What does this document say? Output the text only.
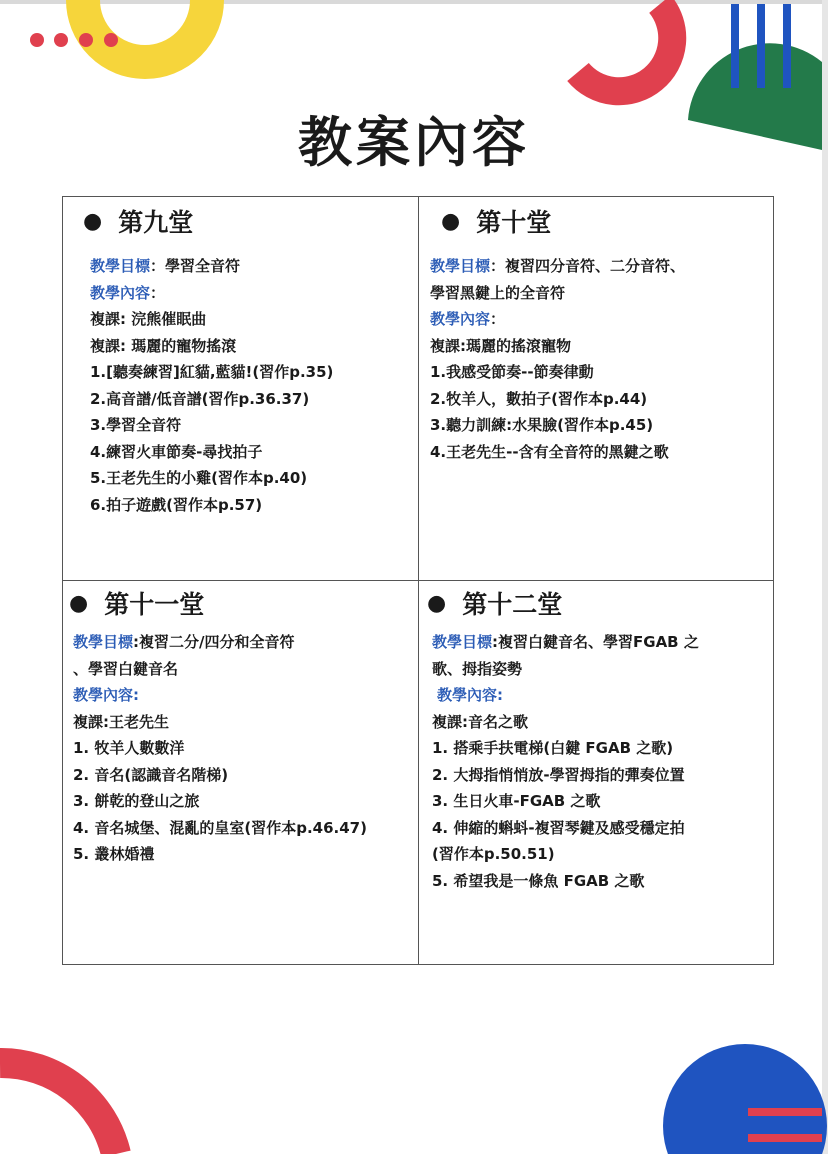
教案內容
● 第九堂
教學目標：學習全音符
教學內容：
複課: 浣熊催眠曲
複課: 瑪麗的寵物搖滾
1.[聽奏練習]紅貓,藍貓!(習作p.35)
2.高音譜/低音譜(習作p.36.37)
3.學習全音符
4.練習火車節奏-尋找拍子
5.王老先生的小雞(習作本p.40)
6.拍子遊戲(習作本p.57)
● 第十堂
教學目標：複習四分音符、二分音符、
學習黑鍵上的全音符
教學內容：
複課:瑪麗的搖滾寵物
1.我感受節奏--節奏律動
2.牧羊人，數拍子(習作本p.44)
3.聽力訓練:水果臉(習作本p.45)
4.王老先生--含有全音符的黑鍵之歌
● 第十一堂
教學目標:複習二分/四分和全音符
、學習白鍵音名
教學內容:
複課:王老先生
1. 牧羊人數數洋
2. 音名(認識音名階梯)
3. 餅乾的登山之旅
4. 音名城堡、混亂的皇室(習作本p.46.47)
5. 叢林婚禮
● 第十二堂
教學目標:複習白鍵音名、學習FGAB 之
歌、拇指姿勢
教學內容:
複課:音名之歌
1. 搭乘手扶電梯(白鍵 FGAB 之歌)
2. 大拇指悄悄放-學習拇指的彈奏位置
3. 生日火車-FGAB 之歌
4. 伸縮的蝌蚪-複習琴鍵及感受穩定拍
(習作本p.50.51)
5. 希望我是一條魚 FGAB 之歌
